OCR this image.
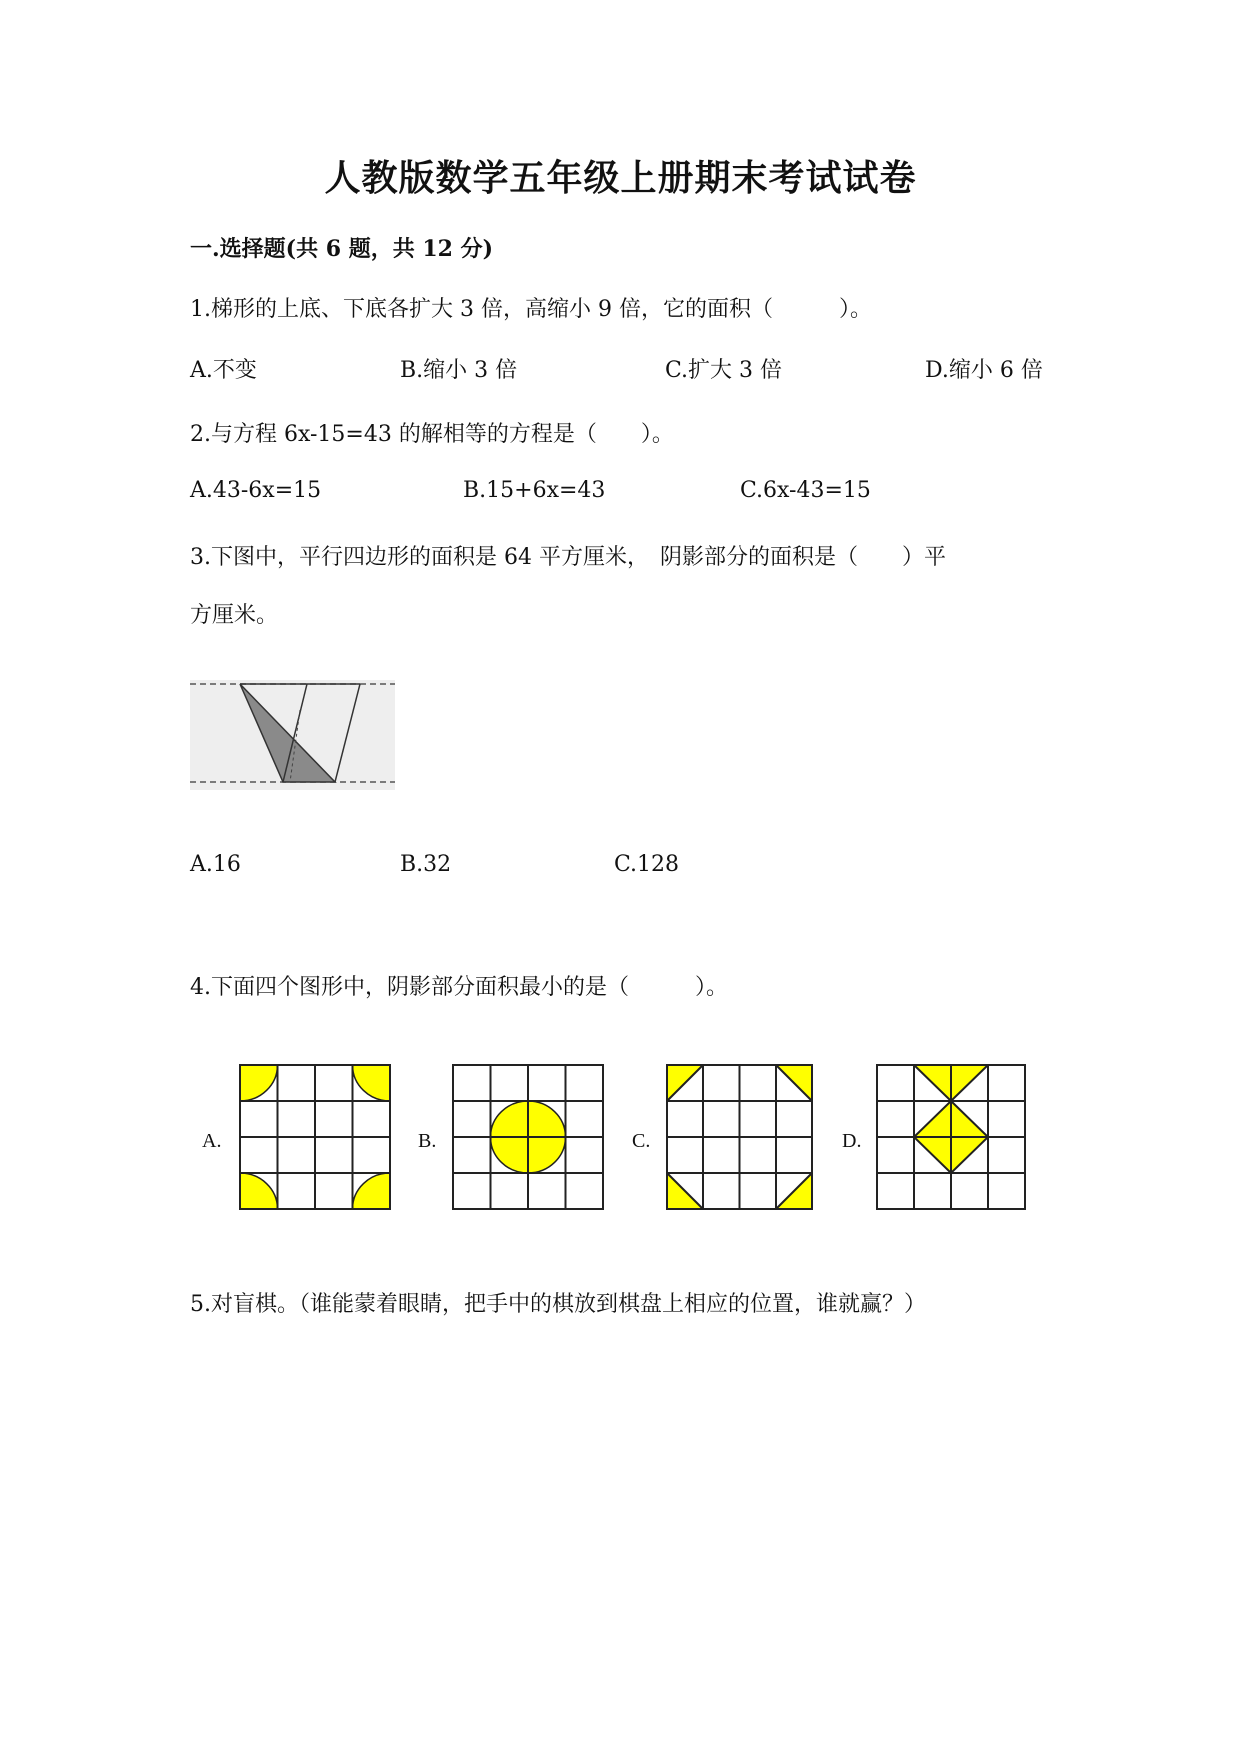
人教版数学五年级上册期末考试试卷
一.选择题(共 6 题，共 12 分)
1.梯形的上底、下底各扩大 3 倍，高缩小 9 倍，它的面积（　　　）。
A.不变	B.缩小 3 倍	C.扩大 3 倍	D.缩小 6 倍
2.与方程 6x-15=43 的解相等的方程是（　　）。
A.43-6x=15	B.15+6x=43	C.6x-43=15
3.下图中，平行四边形的面积是 64 平方厘米，　阴影部分的面积是（　　）平
方厘米。
A.16	B.32	C.128
4.下面四个图形中，阴影部分面积最小的是（　　　）。
A.	B.	C.	D.
5.对盲棋。（谁能蒙着眼睛，把手中的棋放到棋盘上相应的位置，谁就赢？）
